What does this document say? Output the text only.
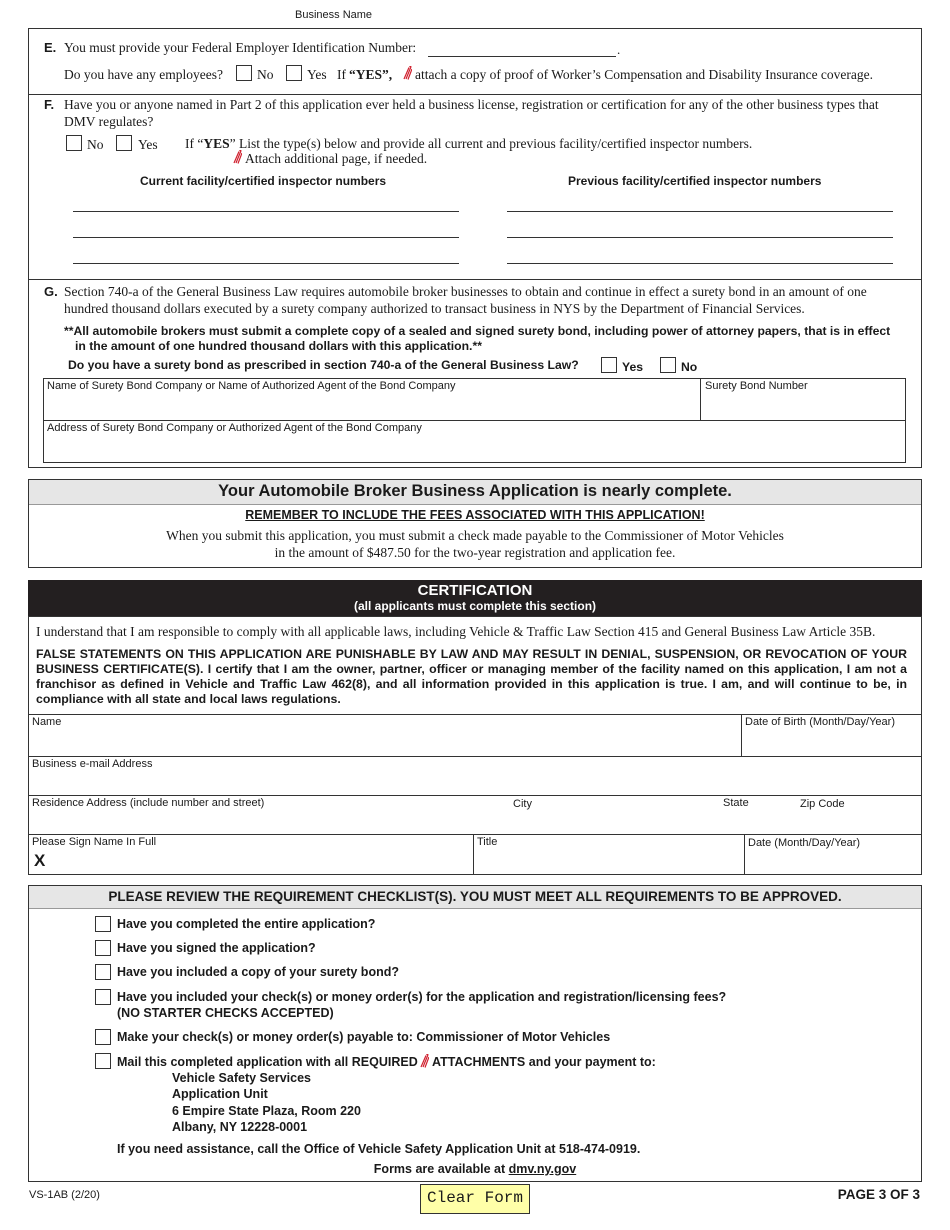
Business Name
E. You must provide your Federal Employer Identification Number:	.
Do you have any employees?	No Yes If “YES”, attach a copy of proof of Worker’s Compensation and Disability Insurance coverage.
F. Have you or anyone named in Part 2 of this application ever held a business license, registration or certification for any of the other business types that
DMV regulates?
No	Yes If “YES” List the type(s) below and provide all current and previous facility/certified inspector numbers.
Attach additional page, if needed.
Current facility/certified inspector numbers	Previous facility/certified inspector numbers
G. Section 740-a of the General Business Law requires automobile broker businesses to obtain and continue in effect a surety bond in an amount of one
hundred thousand dollars executed by a surety company authorized to transact business in NYS by the Department of Financial Services.
**All automobile brokers must submit a complete copy of a sealed and signed surety bond, including power of attorney papers, that is in effect
in the amount of one hundred thousand dollars with this application.**
Do you have a surety bond as prescribed in section 740-a of the General Business Law?	Yes	No
Name of Surety Bond Company or Name of Authorized Agent of the Bond Company	Surety Bond Number
Address of Surety Bond Company or Authorized Agent of the Bond Company
Your Automobile Broker Business Application is nearly complete.
REMEMBER TO INCLUDE THE FEES ASSOCIATED WITH THIS APPLICATION!
When you submit this application, you must submit a check made payable to the Commissioner of Motor Vehicles
in the amount of $487.50 for the two-year registration and application fee.
CERTIFICATION
(all applicants must complete this section)
I understand that I am responsible to comply with all applicable laws, including Vehicle & Traffic Law Section 415 and General Business Law Article 35B.
FALSE STATEMENTS ON THIS APPLICATION ARE PUNISHABLE BY LAW AND MAY RESULT IN DENIAL, SUSPENSION, OR REVOCATION OF YOUR
BUSINESS CERTIFICATE(S). I certify that I am the owner, partner, officer or managing member of the facility named on this application, I am not a
franchisor as defined in Vehicle and Traffic Law 462(8), and all information provided in this application is true. I am, and will continue to be, in
compliance with all state and local laws regulations.
Name	Date of Birth (Month/Day/Year)
Business e-mail Address
Residence Address (include number and street)	City	State	Zip Code
Please Sign Name In Full
X
Title	Date (Month/Day/Year)
PLEASE REVIEW THE REQUIREMENT CHECKLIST(S). YOU MUST MEET ALL REQUIREMENTS TO BE APPROVED.
Have you completed the entire application?
Have you signed the application?
Have you included a copy of your surety bond?
Have you included your check(s) or money order(s) for the application and registration/licensing fees?
(NO STARTER CHECKS ACCEPTED)
Make your check(s) or money order(s) payable to: Commissioner of Motor Vehicles
Mail this completed application with all REQUIRED ATTACHMENTS and your payment to:
Vehicle Safety Services
Application Unit
6 Empire State Plaza, Room 220
Albany, NY 12228-0001
If you need assistance, call the Office of Vehicle Safety Application Unit at 518-474-0919.
Forms are available at dmv.ny.gov
VS-1AB (2/20)	Clear Form	PAGE 3 OF 3
